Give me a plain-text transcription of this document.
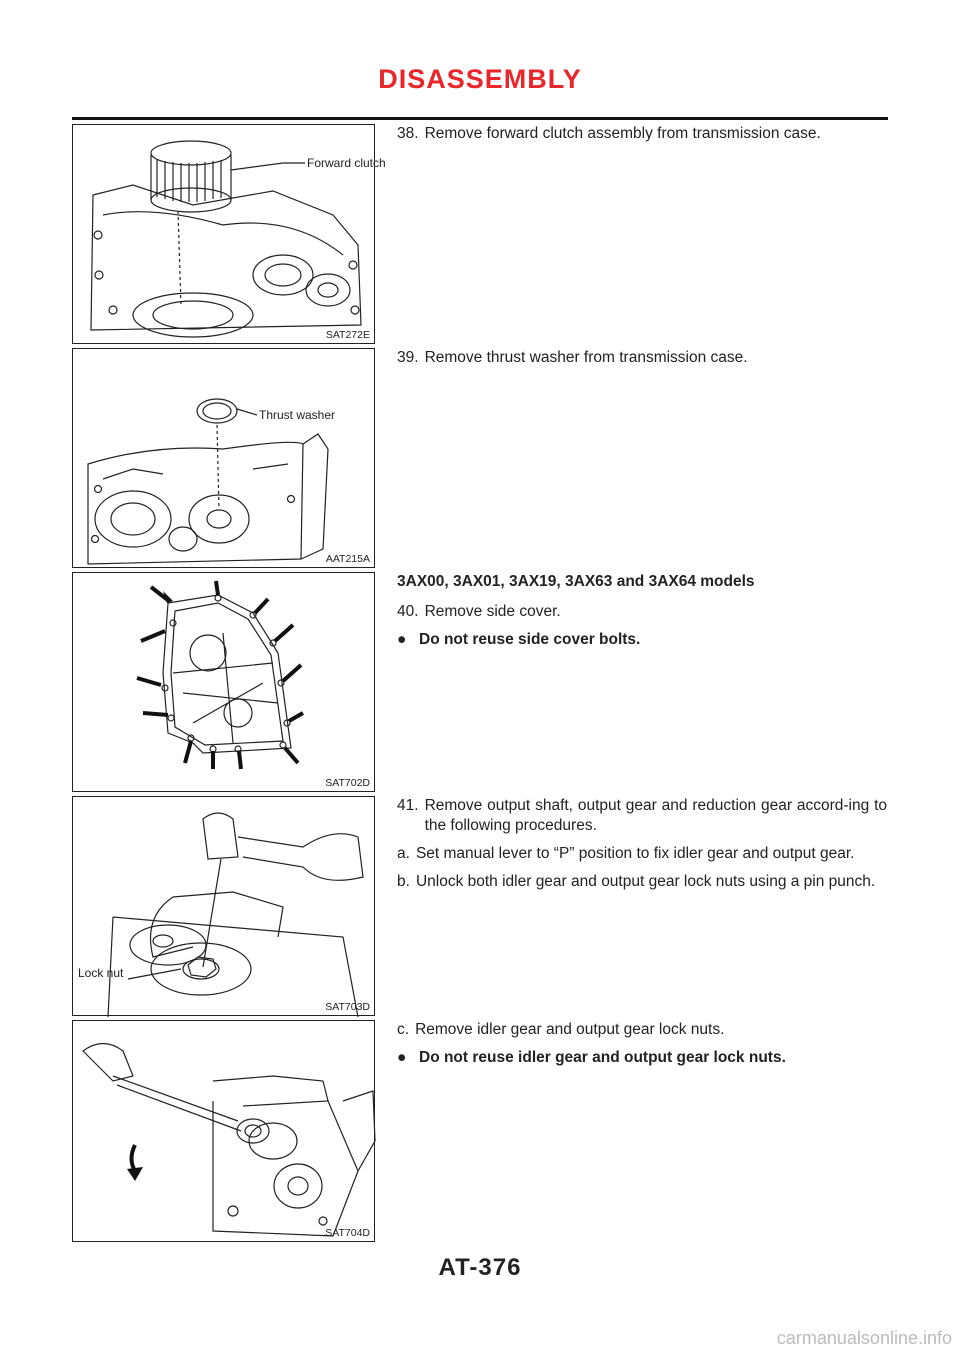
DISASSEMBLY
Forward clutch
SAT272E
38. Remove forward clutch assembly from transmission case.
Thrust washer
AAT215A
39. Remove thrust washer from transmission case.
SAT702D
3AX00, 3AX01, 3AX19, 3AX63 and 3AX64 models
40. Remove side cover.
● Do not reuse side cover bolts.
Lock nut
SAT703D
41. Remove output shaft, output gear and reduction gear accord-ing to the following procedures.
a. Set manual lever to “P” position to fix idler gear and output gear.
b. Unlock both idler gear and output gear lock nuts using a pin punch.
SAT704D
c. Remove idler gear and output gear lock nuts.
● Do not reuse idler gear and output gear lock nuts.
AT-376
carmanualsonline.info
